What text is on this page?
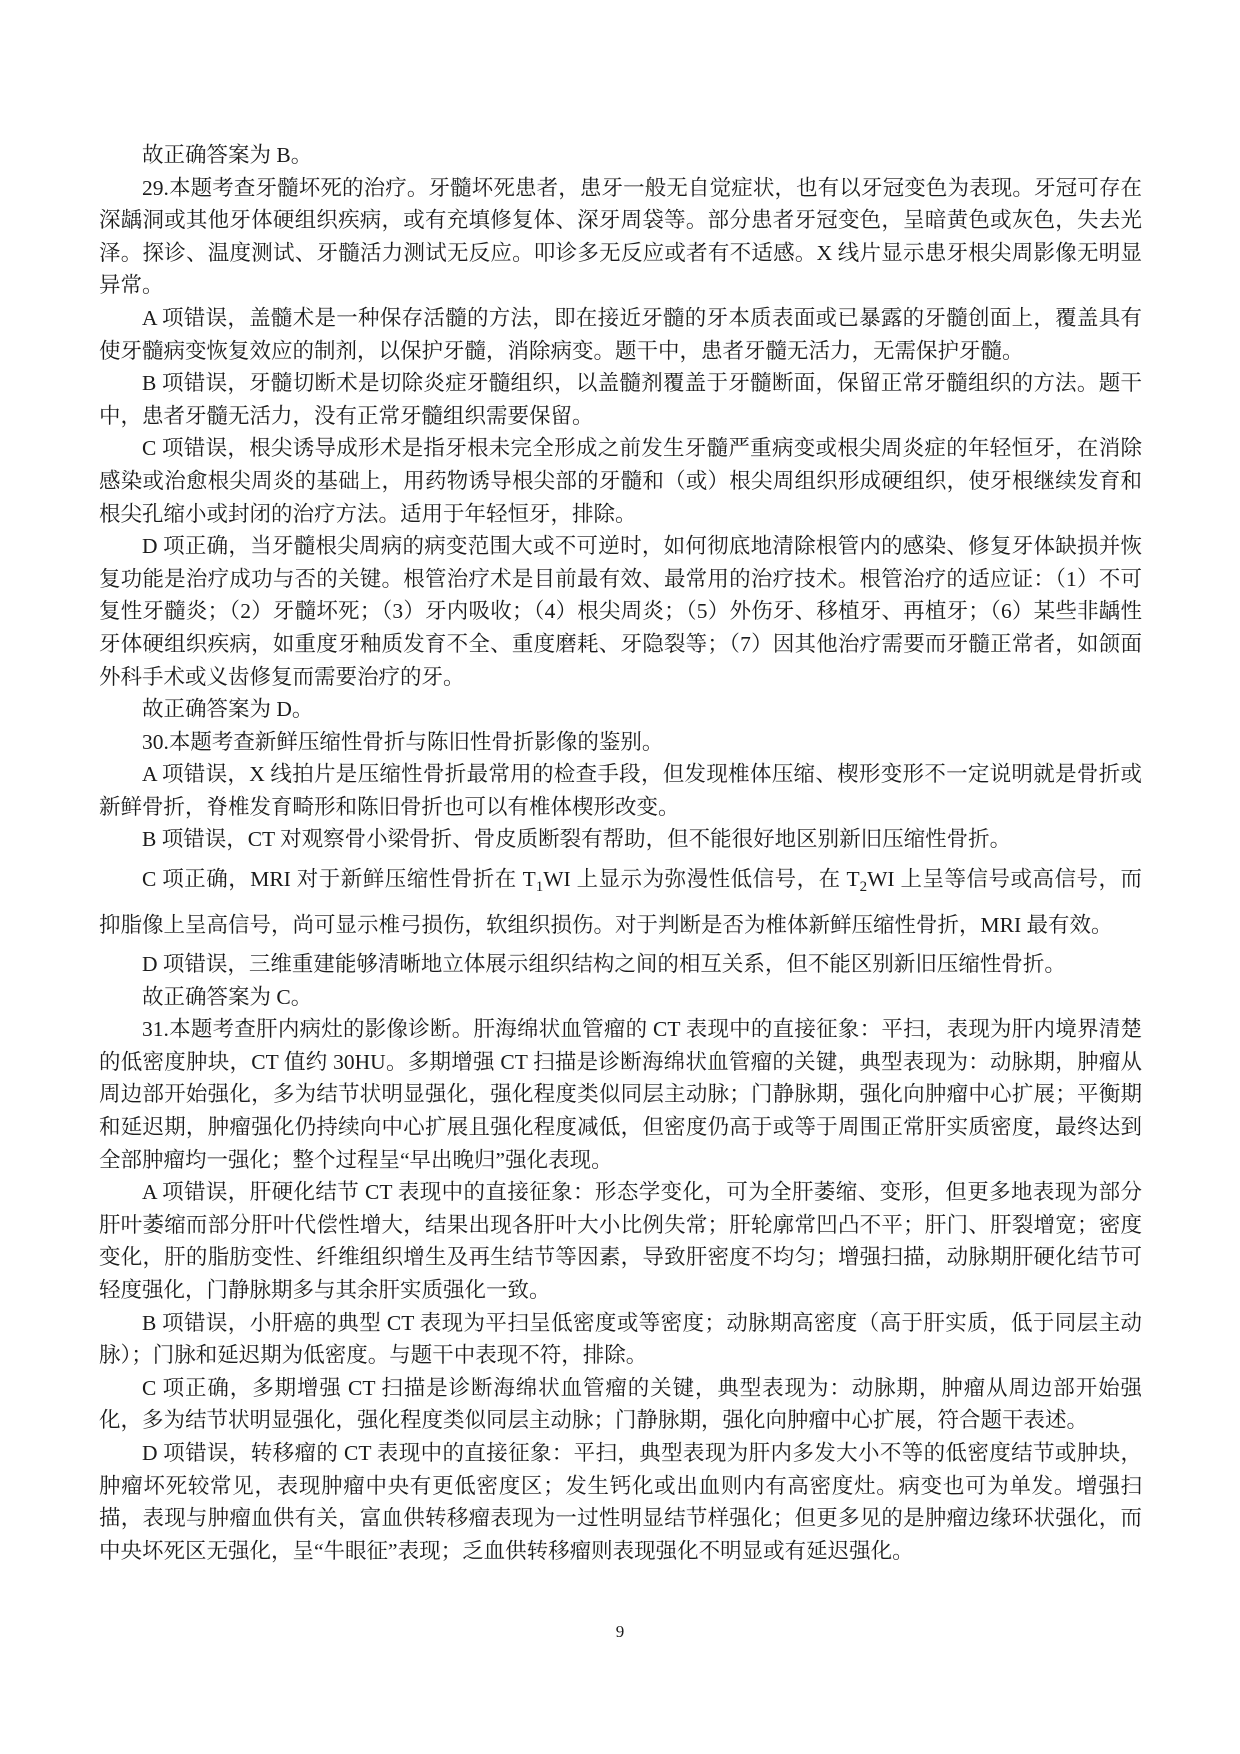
故正确答案为 B。

29.本题考查牙髓坏死的治疗。牙髓坏死患者，患牙一般无自觉症状，也有以牙冠变色为表现。牙冠可存在深龋洞或其他牙体硬组织疾病，或有充填修复体、深牙周袋等。部分患者牙冠变色，呈暗黄色或灰色，失去光泽。探诊、温度测试、牙髓活力测试无反应。叩诊多无反应或者有不适感。X 线片显示患牙根尖周影像无明显异常。

A 项错误，盖髓术是一种保存活髓的方法，即在接近牙髓的牙本质表面或已暴露的牙髓创面上，覆盖具有使牙髓病变恢复效应的制剂，以保护牙髓，消除病变。题干中，患者牙髓无活力，无需保护牙髓。

B 项错误，牙髓切断术是切除炎症牙髓组织，以盖髓剂覆盖于牙髓断面，保留正常牙髓组织的方法。题干中，患者牙髓无活力，没有正常牙髓组织需要保留。

C 项错误，根尖诱导成形术是指牙根未完全形成之前发生牙髓严重病变或根尖周炎症的年轻恒牙，在消除感染或治愈根尖周炎的基础上，用药物诱导根尖部的牙髓和（或）根尖周组织形成硬组织，使牙根继续发育和根尖孔缩小或封闭的治疗方法。适用于年轻恒牙，排除。

D 项正确，当牙髓根尖周病的病变范围大或不可逆时，如何彻底地清除根管内的感染、修复牙体缺损并恢复功能是治疗成功与否的关键。根管治疗术是目前最有效、最常用的治疗技术。根管治疗的适应证：（1）不可复性牙髓炎；（2）牙髓坏死；（3）牙内吸收；（4）根尖周炎；（5）外伤牙、移植牙、再植牙；（6）某些非龋性牙体硬组织疾病，如重度牙釉质发育不全、重度磨耗、牙隐裂等；（7）因其他治疗需要而牙髓正常者，如颌面外科手术或义齿修复而需要治疗的牙。

故正确答案为 D。

30.本题考查新鲜压缩性骨折与陈旧性骨折影像的鉴别。

A 项错误，X 线拍片是压缩性骨折最常用的检查手段，但发现椎体压缩、楔形变形不一定说明就是骨折或新鲜骨折，脊椎发育畸形和陈旧骨折也可以有椎体楔形改变。

B 项错误，CT 对观察骨小梁骨折、骨皮质断裂有帮助，但不能很好地区别新旧压缩性骨折。

C 项正确，MRI 对于新鲜压缩性骨折在 $T_1WI$ 上显示为弥漫性低信号，在 $T_2WI$ 上呈等信号或高信号，而抑脂像上呈高信号，尚可显示椎弓损伤，软组织损伤。对于判断是否为椎体新鲜压缩性骨折，MRI 最有效。

D 项错误，三维重建能够清晰地立体展示组织结构之间的相互关系，但不能区别新旧压缩性骨折。

故正确答案为 C。

31.本题考查肝内病灶的影像诊断。肝海绵状血管瘤的 CT 表现中的直接征象：平扫，表现为肝内境界清楚的低密度肿块，CT 值约 30HU。多期增强 CT 扫描是诊断海绵状血管瘤的关键，典型表现为：动脉期，肿瘤从周边部开始强化，多为结节状明显强化，强化程度类似同层主动脉；门静脉期，强化向肿瘤中心扩展；平衡期和延迟期，肿瘤强化仍持续向中心扩展且强化程度减低，但密度仍高于或等于周围正常肝实质密度，最终达到全部肿瘤均一强化；整个过程呈“早出晚归”强化表现。

A 项错误，肝硬化结节 CT 表现中的直接征象：形态学变化，可为全肝萎缩、变形，但更多地表现为部分肝叶萎缩而部分肝叶代偿性增大，结果出现各肝叶大小比例失常；肝轮廓常凹凸不平；肝门、肝裂增宽；密度变化，肝的脂肪变性、纤维组织增生及再生结节等因素，导致肝密度不均匀；增强扫描，动脉期肝硬化结节可轻度强化，门静脉期多与其余肝实质强化一致。

B 项错误，小肝癌的典型 CT 表现为平扫呈低密度或等密度；动脉期高密度（高于肝实质，低于同层主动脉）；门脉和延迟期为低密度。与题干中表现不符，排除。

C 项正确，多期增强 CT 扫描是诊断海绵状血管瘤的关键，典型表现为：动脉期，肿瘤从周边部开始强化，多为结节状明显强化，强化程度类似同层主动脉；门静脉期，强化向肿瘤中心扩展，符合题干表述。

D 项错误，转移瘤的 CT 表现中的直接征象：平扫，典型表现为肝内多发大小不等的低密度结节或肿块，肿瘤坏死较常见，表现肿瘤中央有更低密度区；发生钙化或出血则内有高密度灶。病变也可为单发。增强扫描，表现与肿瘤血供有关，富血供转移瘤表现为一过性明显结节样强化；但更多见的是肿瘤边缘环状强化，而中央坏死区无强化，呈“牛眼征”表现；乏血供转移瘤则表现强化不明显或有延迟强化。

9
